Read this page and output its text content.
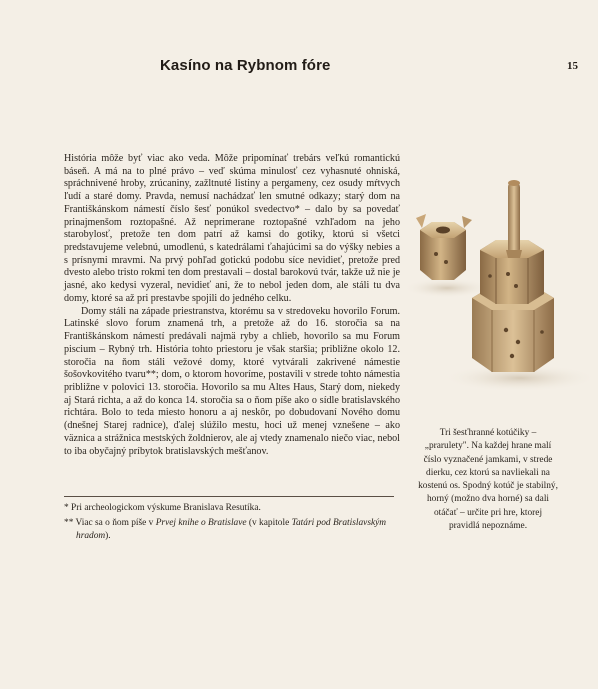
Kasíno na Rybnom fóre	15

História môže byť viac ako veda. Môže pripomínať trebárs veľkú romantickú báseň. A má na to plné právo – veď skúma minulosť cez vyhasnuté ohniská, spráchnivené hroby, zrúcaniny, zažltnuté listiny a pergameny, cez osudy mŕtvych ľudí a staré domy. Pravda, nemusí nachádzať len smutné odkazy; starý dom na Františkánskom námestí číslo šesť ponúkol svedectvo* – dalo by sa povedať prinajmenšom roztopašné. Až neprimerane roztopašné vzhľadom na jeho starobylosť, pretože ten dom patrí až kamsi do gotiky, ktorú si všetci predstavujeme velebnú, umodlenú, s katedrálami ťahajúcimi sa do výšky nebies a s prísnymi mravmi. Na prvý pohľad gotickú podobu síce nevidieť, pretože pred dvesto alebo tristo rokmi ten dom prestavali – dostal barokovú tvár, takže už nie je jasné, ako kedysi vyzeral, nevidieť ani, že to nebol jeden dom, ale stáli tu dva domy, ktoré sa až pri prestavbe spojili do jedného celku.

Domy stáli na západe priestranstva, ktorému sa v stredoveku hovorilo Forum. Latinské slovo forum znamená trh, a pretože až do 16. storočia sa na Františkánskom námestí predávali najmä ryby a chlieb, hovorilo sa mu Forum piscium – Rybný trh. História tohto priestoru je však staršia; približne okolo 12. storočia na ňom stáli vežové domy, ktoré vytvárali zakrivené námestie šošovkovitého tvaru**; dom, o ktorom hovoríme, postavili v strede tohto námestia približne v polovici 13. storočia. Hovorilo sa mu Altes Haus, Starý dom, niekedy aj Stará richta, a až do konca 14. storočia sa o ňom píše ako o sídle bratislavského richtára. Bolo to teda miesto honoru a aj neskôr, po dobudovaní Nového domu (dnešnej Starej radnice), ďalej slúžilo mestu, hoci už menej vznešene – ako väznica a strážnica mestských žoldnierov, ale aj vtedy znamenalo niečo viac, nebol to iba obyčajný príbytok bratislavských mešťanov.

* Pri archeologickom výskume Branislava Resutíka.

** Viac sa o ňom píše v Prvej knihe o Bratislave (v kapitole Tatári pod Bratislavským hradom).

Tri šesťhranné kotúčiky – „prarulety". Na každej hrane malí číslo vyznačené jamkami, v strede dierku, cez ktorú sa navliekali na kostenú os. Spodný kotúč je stabilný, horný (možno dva horné) sa dali otáčať – určite pri hre, ktorej pravidlá nepoznáme.
